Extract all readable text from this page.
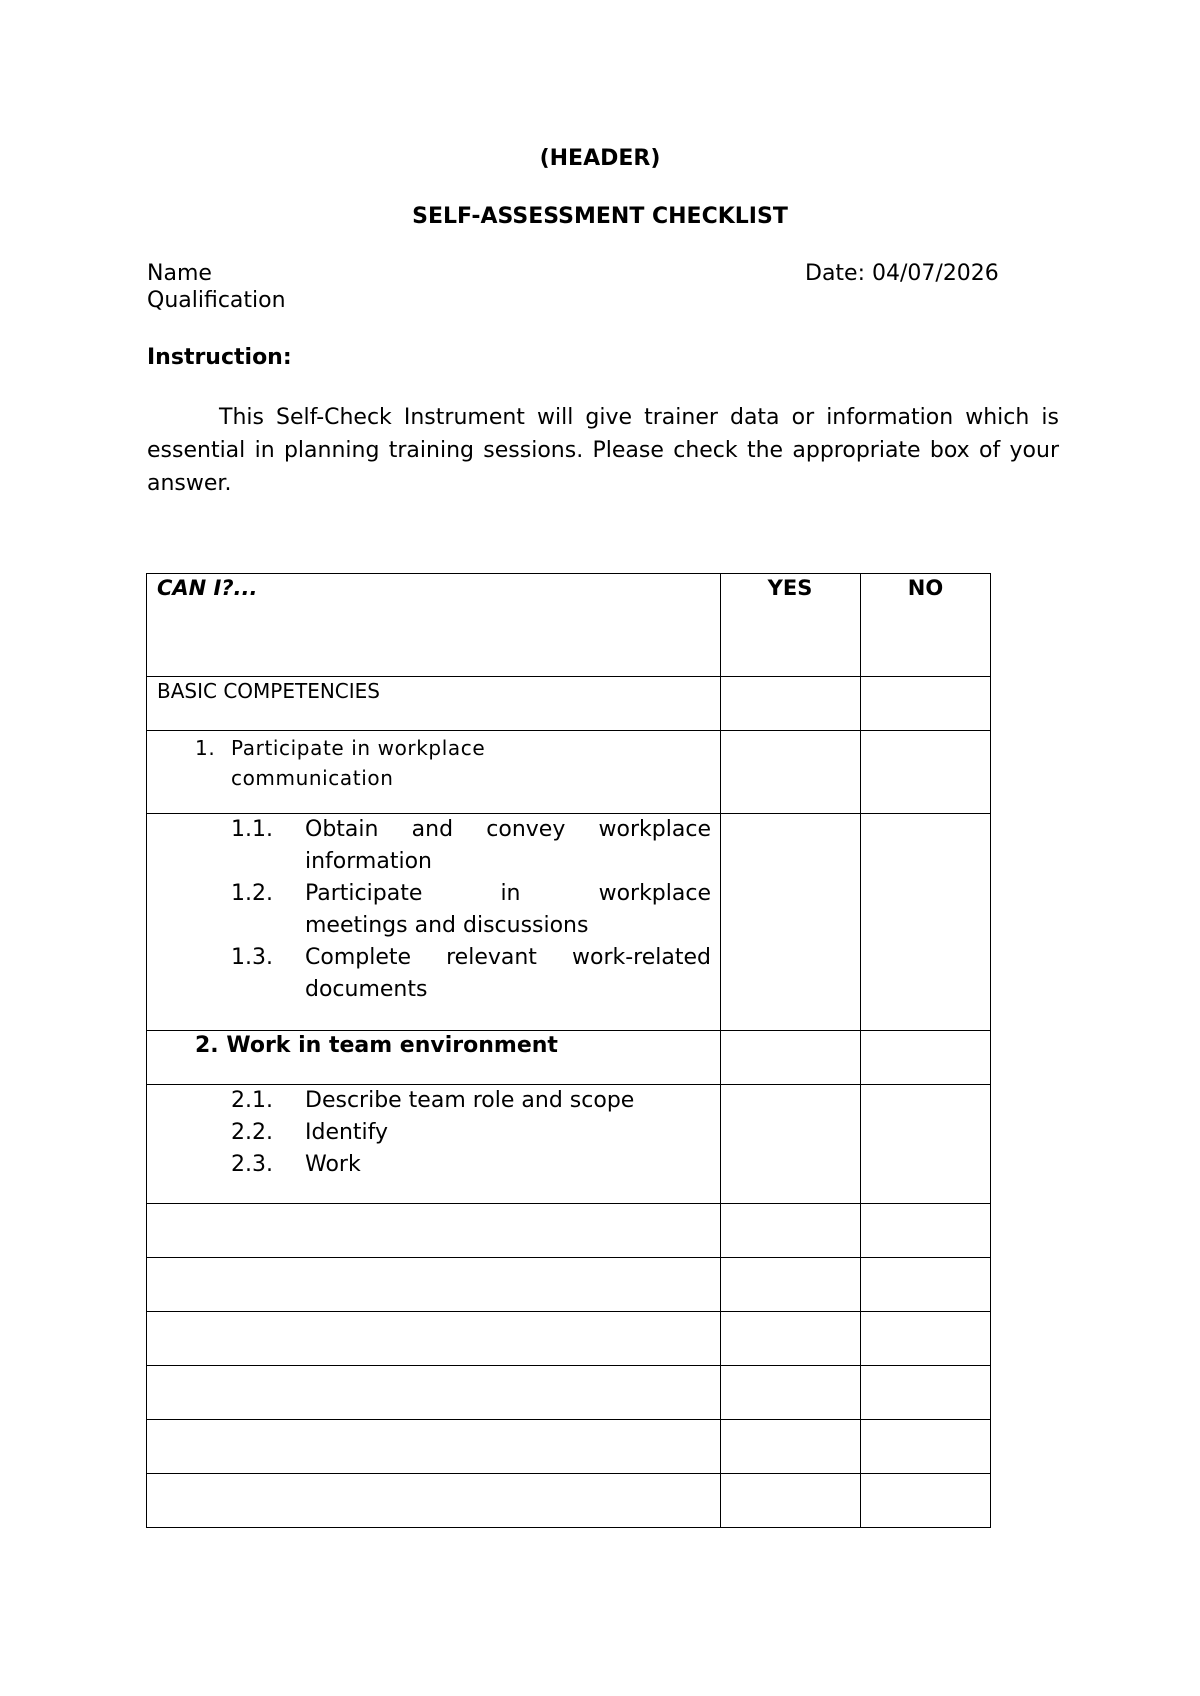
(HEADER)
SELF-ASSESSMENT CHECKLIST
Name	Date: 04/07/2026
Qualification
Instruction:
This Self-Check Instrument will give trainer data or information which is essential in planning training sessions. Please check the appropriate box of your answer.
CAN I?...	YES	NO
BASIC COMPETENCIES
1. Participate in workplace
communication
1.1.	Obtain and convey workplace
information
1.2.	Participate in workplace
meetings and discussions
1.3.	Complete relevant work-related
documents
2. Work in team environment
2.1.	Describe team role and scope
2.2.	Identify
2.3.	Work
